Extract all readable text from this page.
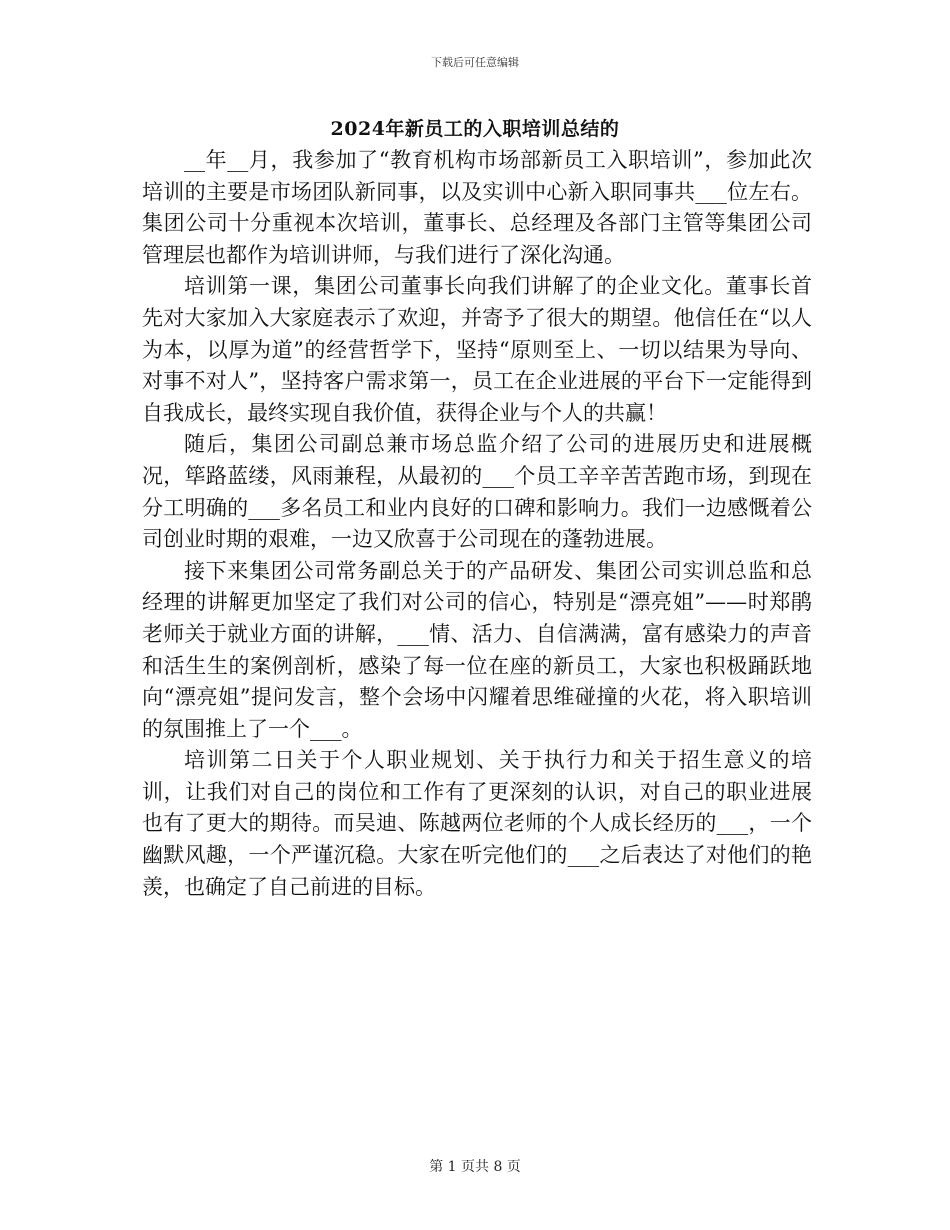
下载后可任意编辑
2024年新员工的入职培训总结的

__年__月，我参加了“教育机构市场部新员工入职培训”，参加此次培训的主要是市场团队新同事，以及实训中心新入职同事共___位左右。集团公司十分重视本次培训，董事长、总经理及各部门主管等集团公司管理层也都作为培训讲师，与我们进行了深化沟通。

培训第一课，集团公司董事长向我们讲解了的企业文化。董事长首先对大家加入大家庭表示了欢迎，并寄予了很大的期望。他信任在“以人为本，以厚为道”的经营哲学下，坚持“原则至上、一切以结果为导向、对事不对人”，坚持客户需求第一，员工在企业进展的平台下一定能得到自我成长，最终实现自我价值，获得企业与个人的共赢！

随后，集团公司副总兼市场总监介绍了公司的进展历史和进展概况，筚路蓝缕，风雨兼程，从最初的___个员工辛辛苦苦跑市场，到现在分工明确的___多名员工和业内良好的口碑和影响力。我们一边感慨着公司创业时期的艰难，一边又欣喜于公司现在的蓬勃进展。

接下来集团公司常务副总关于的产品研发、集团公司实训总监和总经理的讲解更加坚定了我们对公司的信心，特别是“漂亮姐”——时郑鹃老师关于就业方面的讲解，___情、活力、自信满满，富有感染力的声音和活生生的案例剖析，感染了每一位在座的新员工，大家也积极踊跃地向“漂亮姐”提问发言，整个会场中闪耀着思维碰撞的火花，将入职培训的氛围推上了一个___。

培训第二日关于个人职业规划、关于执行力和关于招生意义的培训，让我们对自己的岗位和工作有了更深刻的认识，对自己的职业进展也有了更大的期待。而吴迪、陈越两位老师的个人成长经历的___，一个幽默风趣，一个严谨沉稳。大家在听完他们的___之后表达了对他们的艳羡，也确定了自己前进的目标。

第 1 页共 8 页
